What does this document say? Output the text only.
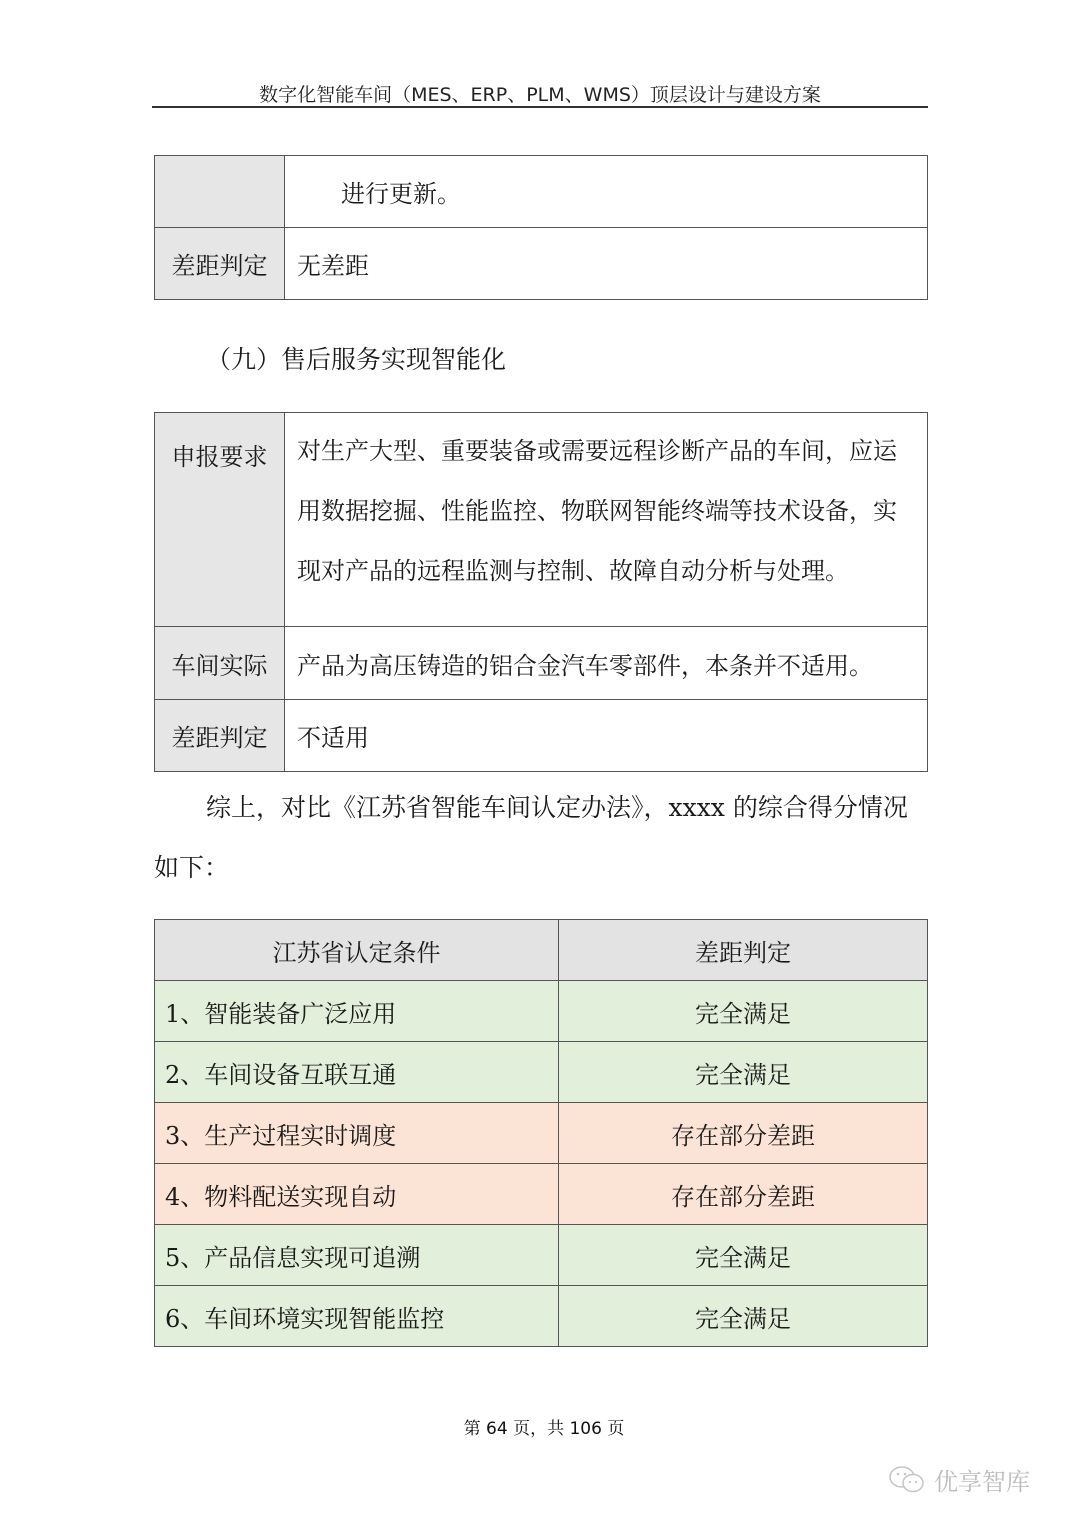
数字化智能车间（MES、ERP、PLM、WMS）顶层设计与建设方案
	进行更新。
差距判定	无差距
（九）售后服务实现智能化
申报要求	对生产大型、重要装备或需要远程诊断产品的车间，应运用数据挖掘、性能监控、物联网智能终端等技术设备，实现对产品的远程监测与控制、故障自动分析与处理。
车间实际	产品为高压铸造的铝合金汽车零部件，本条并不适用。
差距判定	不适用
综上，对比《江苏省智能车间认定办法》，xxxx 的综合得分情况如下：
江苏省认定条件	差距判定
1、智能装备广泛应用	完全满足
2、车间设备互联互通	完全满足
3、生产过程实时调度	存在部分差距
4、物料配送实现自动	存在部分差距
5、产品信息实现可追溯	完全满足
6、车间环境实现智能监控	完全满足
第 64 页，共 106 页
优享智库
